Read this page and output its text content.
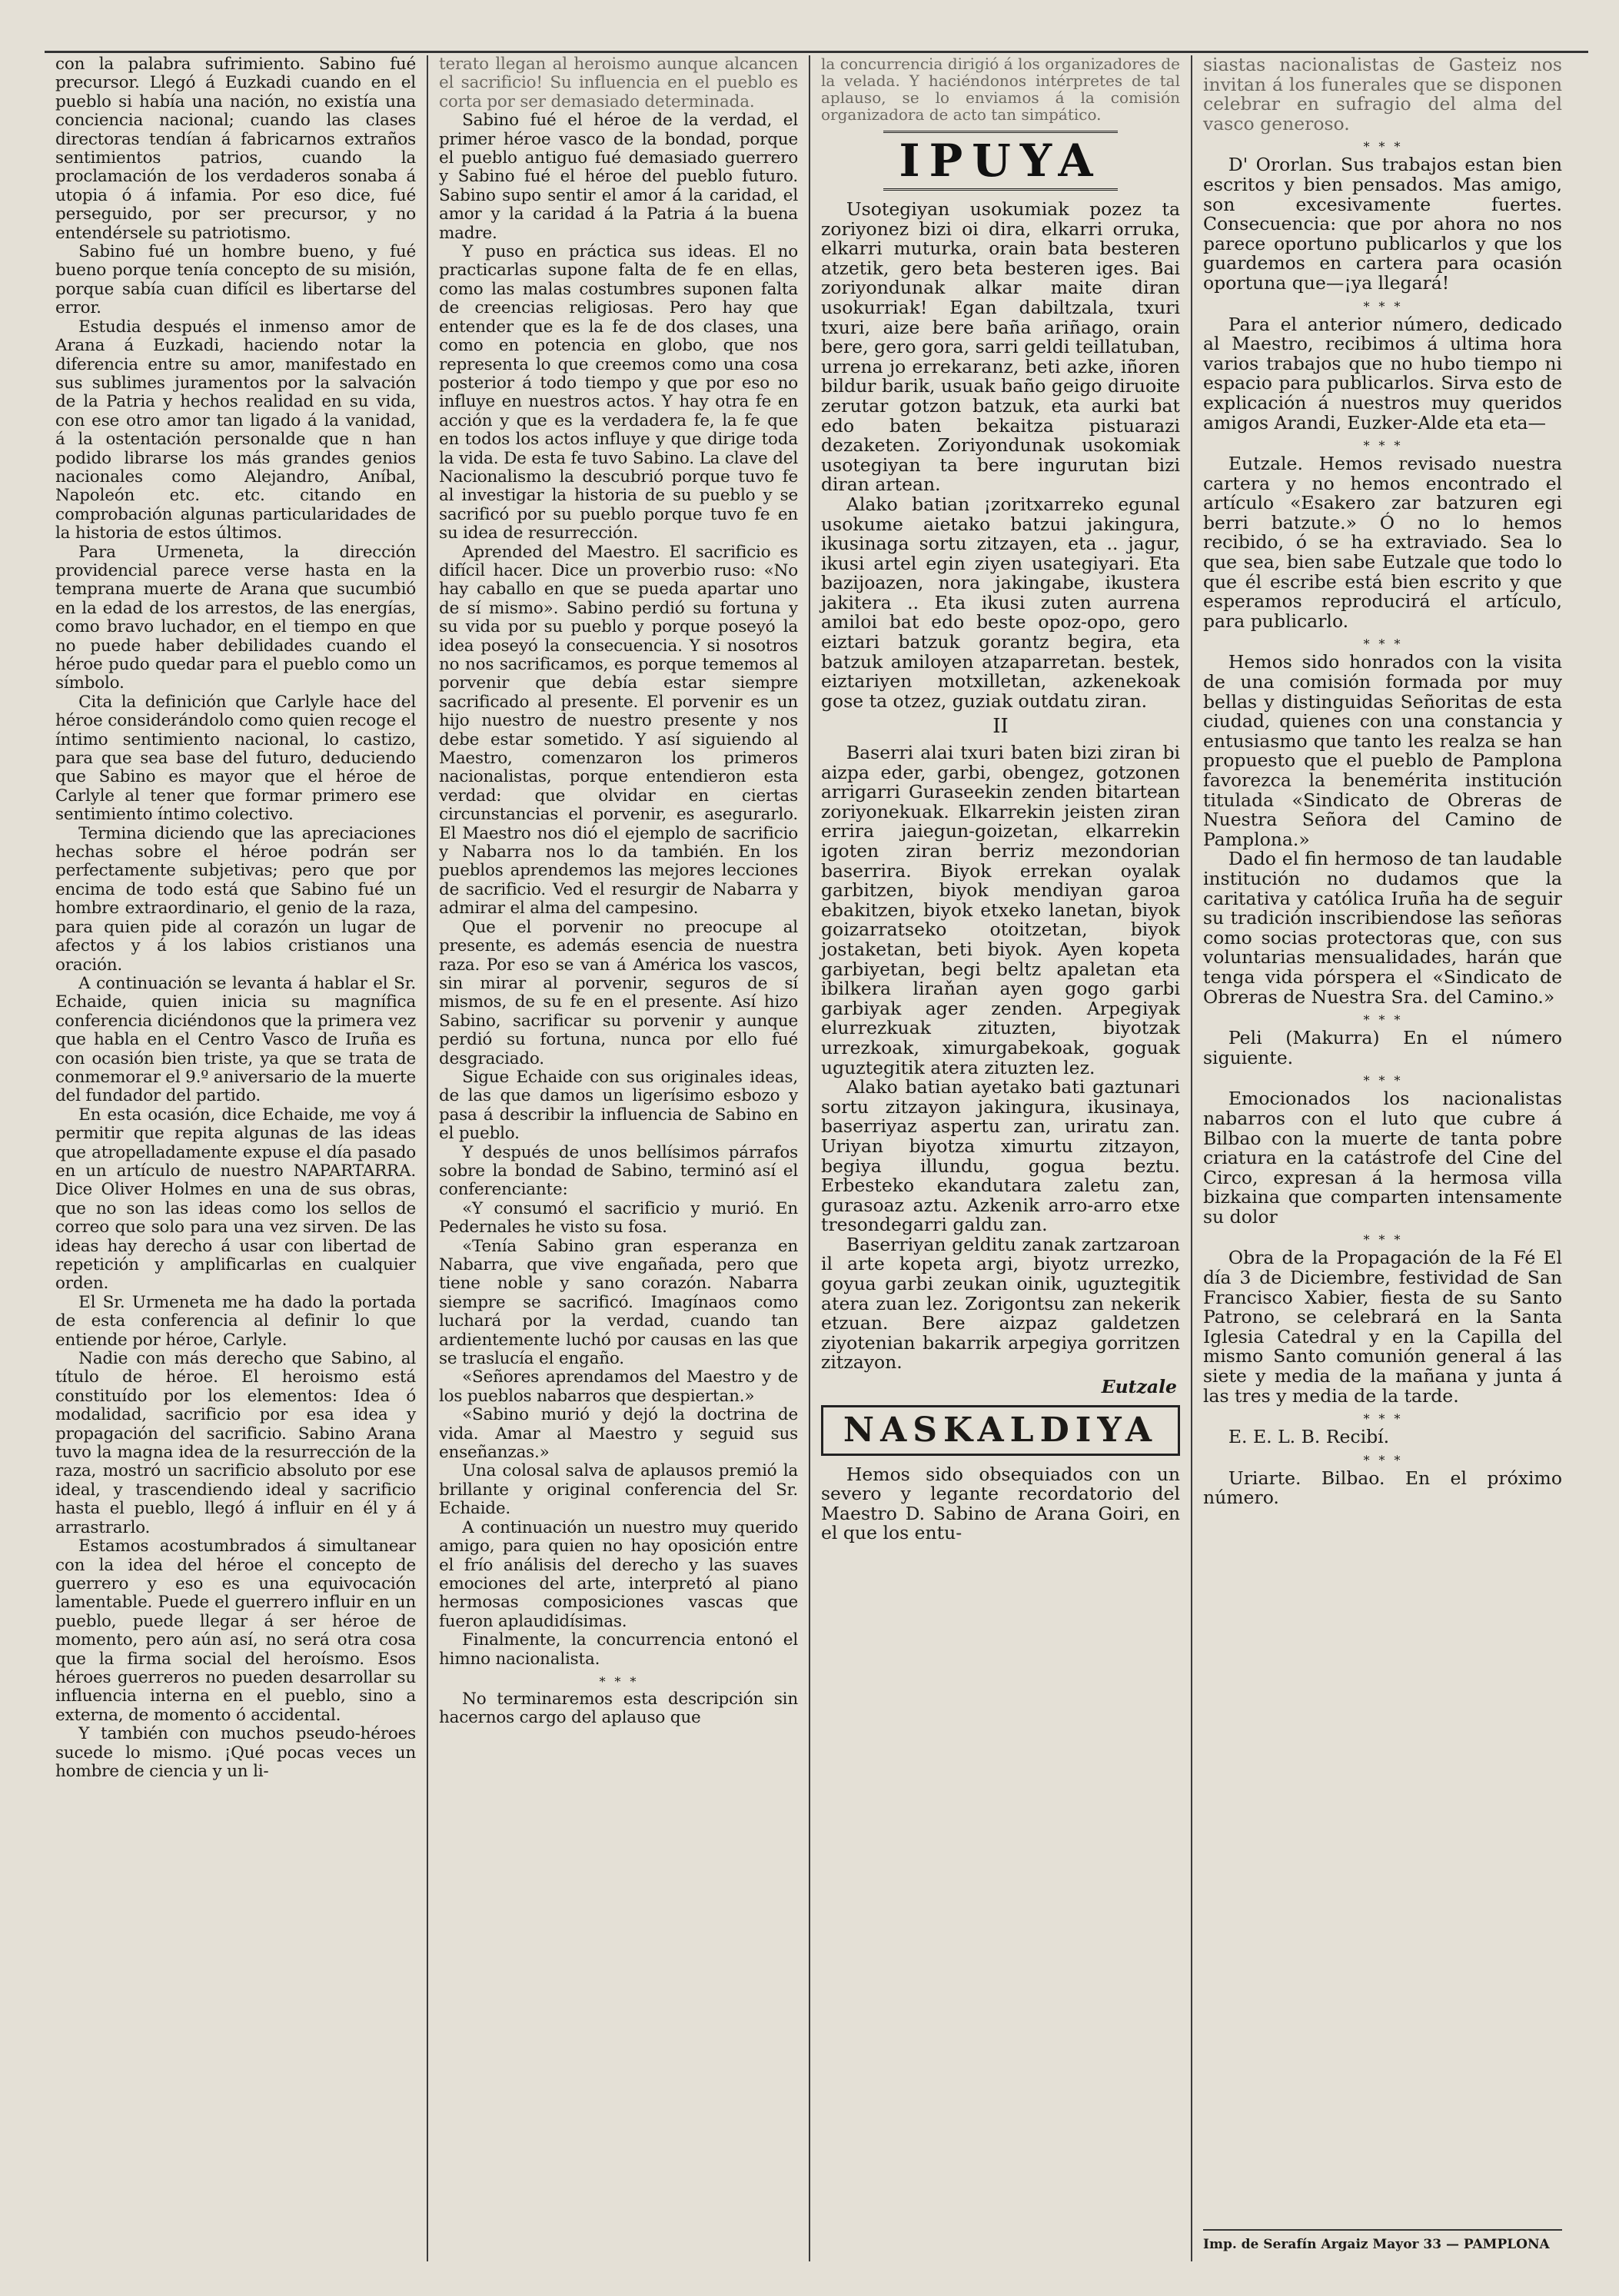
con la palabra sufrimiento. Sabino fué precursor. Llegó á Euzkadi cuando en el pueblo si había una nación, no existía una conciencia nacional; cuando las clases directoras tendían á fabricarnos extraños sentimientos patrios, cuando la proclamación de los verdaderos sonaba á utopia ó á infamia. Por eso dice, fué perseguido, por ser precursor, y no entendérsele su patriotismo.

Sabino fué un hombre bueno, y fué bueno porque tenía concepto de su misión, porque sabía cuan difícil es libertarse del error.

Estudia después el inmenso amor de Arana á Euzkadi, haciendo notar la diferencia entre su amor, manifestado en sus sublimes juramentos por la salvación de la Patria y hechos realidad en su vida, con ese otro amor tan ligado á la vanidad, á la ostentación personalde que n han podido librarse los más grandes genios nacionales como Alejandro, Aníbal, Napoleón etc. etc. citando en comprobación algunas particularidades de la historia de estos últimos.

Para Urmeneta, la dirección providencial parece verse hasta en la temprana muerte de Arana que sucumbió en la edad de los arrestos, de las energías, como bravo luchador, en el tiempo en que no puede haber debilidades cuando el héroe pudo quedar para el pueblo como un símbolo.

Cita la definición que Carlyle hace del héroe considerándolo como quien recoge el íntimo sentimiento nacional, lo castizo, para que sea base del futuro, deduciendo que Sabino es mayor que el héroe de Carlyle al tener que formar primero ese sentimiento íntimo colectivo.

Termina diciendo que las apreciaciones hechas sobre el héroe podrán ser perfectamente subjetivas; pero que por encima de todo está que Sabino fué un hombre extraordinario, el genio de la raza, para quien pide al corazón un lugar de afectos y á los labios cristianos una oración.

A continuación se levanta á hablar el Sr. Echaide, quien inicia su magnífica conferencia diciéndonos que la primera vez que habla en el Centro Vasco de Iruña es con ocasión bien triste, ya que se trata de conmemorar el 9.º aniversario de la muerte del fundador del partido.

En esta ocasión, dice Echaide, me voy á permitir que repita algunas de las ideas que atropelladamente expuse el día pasado en un artículo de nuestro NAPARTARRA. Dice Oliver Holmes en una de sus obras, que no son las ideas como los sellos de correo que solo para una vez sirven. De las ideas hay derecho á usar con libertad de repetición y amplificarlas en cualquier orden.

El Sr. Urmeneta me ha dado la portada de esta conferencia al definir lo que entiende por héroe, Carlyle.

Nadie con más derecho que Sabino, al título de héroe. El heroismo está constituído por los elementos: Idea ó modalidad, sacrificio por esa idea y propagación del sacrificio. Sabino Arana tuvo la magna idea de la resurrección de la raza, mostró un sacrificio absoluto por ese ideal, y trascendiendo ideal y sacrificio hasta el pueblo, llegó á influir en él y á arrastrarlo.

Estamos acostumbrados á simultanear con la idea del héroe el concepto de guerrero y eso es una equivocación lamentable. Puede el guerrero influir en un pueblo, puede llegar á ser héroe de momento, pero aún así, no será otra cosa que la firma social del heroísmo. Esos héroes guerreros no pueden desarrollar su influencia interna en el pueblo, sino a externa, de momento ó accidental.

Y también con muchos pseudo-héroes sucede lo mismo. ¡Qué pocas veces un hombre de ciencia y un li-

terato llegan al heroismo aunque alcancen el sacrificio! Su influencia en el pueblo es corta por ser demasiado determinada.

Sabino fué el héroe de la verdad, el primer héroe vasco de la bondad, porque el pueblo antiguo fué demasiado guerrero y Sabino fué el héroe del pueblo futuro. Sabino supo sentir el amor á la caridad, el amor y la caridad á la Patria á la buena madre.

Y puso en práctica sus ideas. El no practicarlas supone falta de fe en ellas, como las malas costumbres suponen falta de creencias religiosas. Pero hay que entender que es la fe de dos clases, una como en potencia en globo, que nos representa lo que creemos como una cosa posterior á todo tiempo y que por eso no influye en nuestros actos. Y hay otra fe en acción y que es la verdadera fe, la fe que en todos los actos influye y que dirige toda la vida. De esta fe tuvo Sabino. La clave del Nacionalismo la descubrió porque tuvo fe al investigar la historia de su pueblo y se sacrificó por su pueblo porque tuvo fe en su idea de resurrección.

Aprended del Maestro. El sacrificio es difícil hacer. Dice un proverbio ruso: «No hay caballo en que se pueda apartar uno de sí mismo». Sabino perdió su fortuna y su vida por su pueblo y porque poseyó la idea poseyó la consecuencia. Y si nosotros no nos sacrificamos, es porque tememos al porvenir que debía estar siempre sacrificado al presente. El porvenir es un hijo nuestro de nuestro presente y nos debe estar sometido. Y así siguiendo al Maestro, comenzaron los primeros nacionalistas, porque entendieron esta verdad: que olvidar en ciertas circunstancias el porvenir, es asegurarlo. El Maestro nos dió el ejemplo de sacrificio y Nabarra nos lo da también. En los pueblos aprendemos las mejores lecciones de sacrificio. Ved el resurgir de Nabarra y admirar el alma del campesino.

Que el porvenir no preocupe al presente, es además esencia de nuestra raza. Por eso se van á América los vascos, sin mirar al porvenir, seguros de sí mismos, de su fe en el presente. Así hizo Sabino, sacrificar su porvenir y aunque perdió su fortuna, nunca por ello fué desgraciado.

Sigue Echaide con sus originales ideas, de las que damos un ligerísimo esbozo y pasa á describir la influencia de Sabino en el pueblo.

Y después de unos bellísimos párrafos sobre la bondad de Sabino, terminó así el conferenciante:

«Y consumó el sacrificio y murió. En Pedernales he visto su fosa.

«Tenía Sabino gran esperanza en Nabarra, que vive engañada, pero que tiene noble y sano corazón. Nabarra siempre se sacrificó. Imagínaos como luchará por la verdad, cuando tan ardientemente luchó por causas en las que se traslucía el engaño.

«Señores aprendamos del Maestro y de los pueblos nabarros que despiertan.»

«Sabino murió y dejó la doctrina de vida. Amar al Maestro y seguid sus enseñanzas.»

Una colosal salva de aplausos premió la brillante y original conferencia del Sr. Echaide.

A continuación un nuestro muy querido amigo, para quien no hay oposición entre el frío análisis del derecho y las suaves emociones del arte, interpretó al piano hermosas composiciones vascas que fueron aplaudidísimas.

Finalmente, la concurrencia entonó el himno nacionalista.

∗ ∗ ∗

No terminaremos esta descripción sin hacernos cargo del aplauso que

la concurrencia dirigió á los organizadores de la velada. Y haciéndonos intérpretes de tal aplauso, se lo enviamos á la comisión organizadora de acto tan simpático.

IPUYA

Usotegiyan usokumiak pozez ta zoriyonez bizi oi dira, elkarri orruka, elkarri muturka, orain bata besteren atzetik, gero beta besteren iges. Bai zoriyondunak alkar maite diran usokurriak! Egan dabiltzala, txuri txuri, aize bere baña ariñago, orain bere, gero gora, sarri geldi teillatuban, urrena jo errekaranz, beti azke, iñoren bildur barik, usuak baño geigo diruoite zerutar gotzon batzuk, eta aurki bat edo baten bekaitza pistuarazi dezaketen. Zoriyondunak usokomiak usotegiyan ta bere ingurutan bizi diran artean.

Alako batian ¡zoritxarreko egunal usokume aietako batzui jakingura, ikusinaga sortu zitzayen, eta .. jagur, ikusi artel egin ziyen usategiyari. Eta bazijoazen, nora jakingabe, ikustera jakitera .. Eta ikusi zuten aurrena amiloi bat edo beste opoz-opo, gero eiztari batzuk gorantz begira, eta batzuk amiloyen atzaparretan. bestek, eiztariyen motxilletan, azkenekoak gose ta otzez, guziak outdatu ziran.

II

Baserri alai txuri baten bizi ziran bi aizpa eder, garbi, obengez, gotzonen arrigarri Guraseekin zenden bitartean zoriyonekuak. Elkarrekin jeisten ziran errira jaiegun-goizetan, elkarrekin igoten ziran berriz mezondorian baserrira. Biyok errekan oyalak garbitzen, biyok mendiyan garoa ebakitzen, biyok etxeko lanetan, biyok goizarratseko otoitzetan, biyok jostaketan, beti biyok. Ayen kopeta garbiyetan, begi beltz apaletan eta ibilkera liraňan ayen gogo garbi garbiyak ager zenden. Arpegiyak elurrezkuak zituzten, biyotzak urrezkoak, ximurgabekoak, goguak uguztegitik atera zituzten lez.

Alako batian ayetako bati gaztunari sortu zitzayon jakingura, ikusinaya, baserriyaz aspertu zan, uriratu zan. Uriyan biyotza ximurtu zitzayon, begiya illundu, gogua beztu. Erbesteko ekandutara zaletu zan, gurasoaz aztu. Azkenik arro-arro etxe tresondegarri galdu zan.

Baserriyan gelditu zanak zartzaroan il arte kopeta argi, biyotz urrezko, goyua garbi zeukan oinik, uguztegitik atera zuan lez. Zorigontsu zan nekerik etzuan. Bere aizpaz galdetzen ziyotenian bakarrik arpegiya gorritzen zitzayon.

Eutzale
NASKALDIYA

Hemos sido obsequiados con un severo y legante recordatorio del Maestro D. Sabino de Arana Goiri, en el que los entu-

siastas nacionalistas de Gasteiz nos invitan á los funerales que se disponen celebrar en sufragio del alma del vasco generoso.

∗ ∗ ∗

D' Ororlan. Sus trabajos estan bien escritos y bien pensados. Mas amigo, son excesivamente fuertes. Consecuencia: que por ahora no nos parece oportuno publicarlos y que los guardemos en cartera para ocasión oportuna que—¡ya llegará!

∗ ∗ ∗

Para el anterior número, dedicado al Maestro, recibimos á ultima hora varios trabajos que no hubo tiempo ni espacio para publicarlos. Sirva esto de explicación á nuestros muy queridos amigos Arandi, Euzker-Alde eta eta—

∗ ∗ ∗

Eutzale. Hemos revisado nuestra cartera y no hemos encontrado el artículo «Esakero zar batzuren egi berri batzute.» Ó no lo hemos recibido, ó se ha extraviado. Sea lo que sea, bien sabe Eutzale que todo lo que él escribe está bien escrito y que esperamos reproducirá el artículo, para publicarlo.

∗ ∗ ∗

Hemos sido honrados con la visita de una comisión formada por muy bellas y distinguidas Señoritas de esta ciudad, quienes con una constancia y entusiasmo que tanto les realza se han propuesto que el pueblo de Pamplona favorezca la benemérita institución titulada «Sindicato de Obreras de Nuestra Señora del Camino de Pamplona.»

Dado el fin hermoso de tan laudable institución no dudamos que la caritativa y católica Iruña ha de seguir su tradición inscribiendose las señoras como socias protectoras que, con sus voluntarias mensualidades, harán que tenga vida pórspera el «Sindicato de Obreras de Nuestra Sra. del Camino.»

∗ ∗ ∗

Peli (Makurra) En el número siguiente.

∗ ∗ ∗

Emocionados los nacionalistas nabarros con el luto que cubre á Bilbao con la muerte de tanta pobre criatura en la catástrofe del Cine del Circo, expresan á la hermosa villa bizkaina que comparten intensamente su dolor

∗ ∗ ∗

Obra de la Propagación de la Fé El día 3 de Diciembre, festividad de San Francisco Xabier, fiesta de su Santo Patrono, se celebrará en la Santa Iglesia Catedral y en la Capilla del mismo Santo comunión general á las siete y media de la mañana y junta á las tres y media de la tarde.

∗ ∗ ∗

E. E. L. B. Recibí.

∗ ∗ ∗

Uriarte. Bilbao. En el próximo número.

Imp. de Serafín Argaiz Mayor 33 — PAMPLONA
